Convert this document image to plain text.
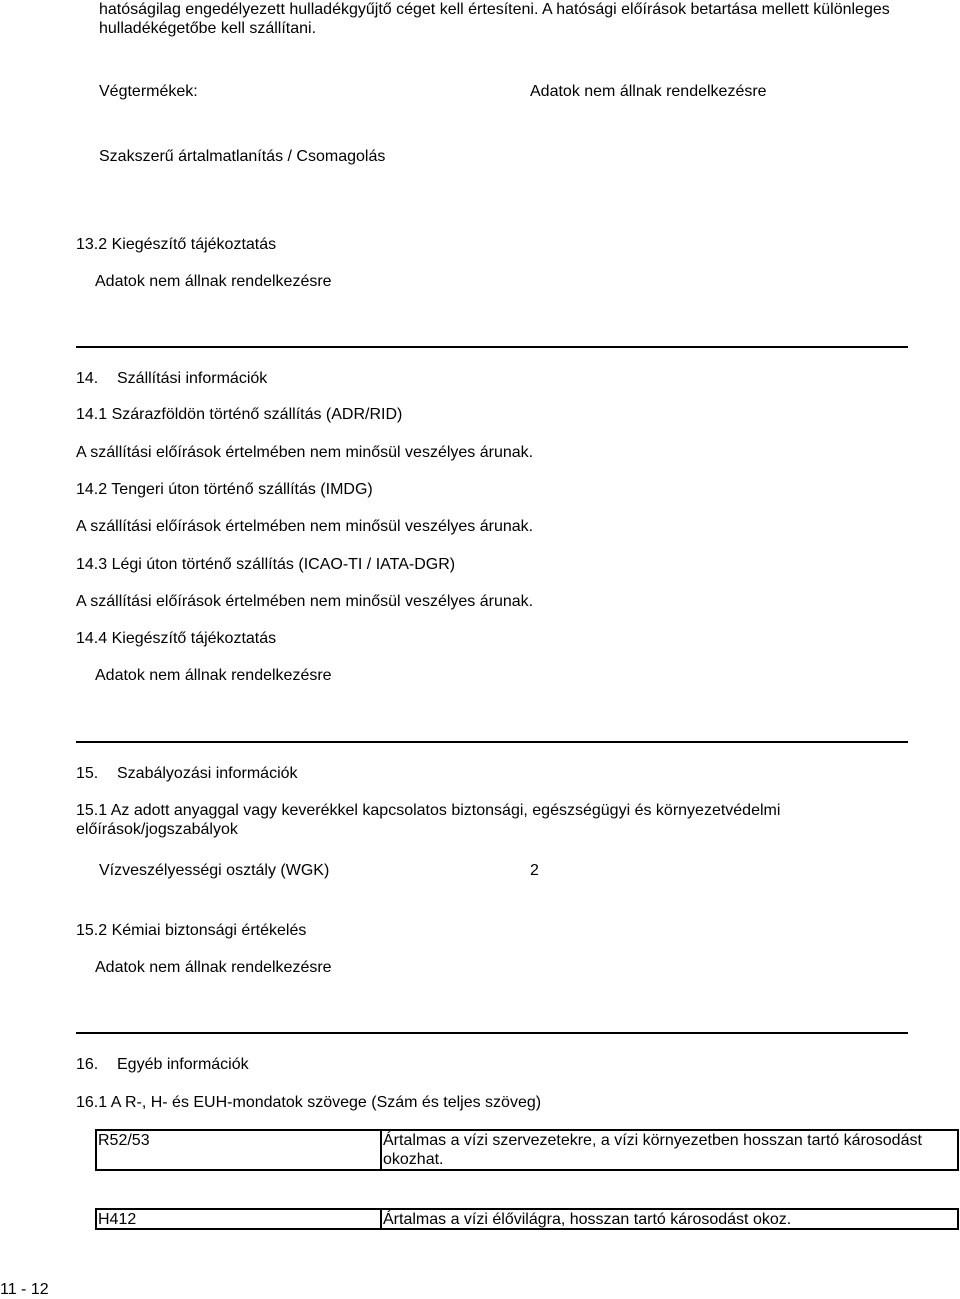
hatóságilag engedélyezett hulladékgyűjtő céget kell értesíteni. A hatósági előírások betartása mellett különleges
hulladékégetőbe kell szállítani.
Végtermékek:	Adatok nem állnak rendelkezésre
Szakszerű ártalmatlanítás / Csomagolás
13.2 Kiegészítő tájékoztatás
Adatok nem állnak rendelkezésre
14. Szállítási információk
14.1 Szárazföldön történő szállítás (ADR/RID)
A szállítási előírások értelmében nem minősül veszélyes árunak.
14.2 Tengeri úton történő szállítás (IMDG)
A szállítási előírások értelmében nem minősül veszélyes árunak.
14.3 Légi úton történő szállítás (ICAO-TI / IATA-DGR)
A szállítási előírások értelmében nem minősül veszélyes árunak.
14.4 Kiegészítő tájékoztatás
Adatok nem állnak rendelkezésre
15. Szabályozási információk
15.1 Az adott anyaggal vagy keverékkel kapcsolatos biztonsági, egészségügyi és környezetvédelmi
előírások/jogszabályok
Vízveszélyességi osztály (WGK)	2
15.2 Kémiai biztonsági értékelés
Adatok nem állnak rendelkezésre
16. Egyéb információk
16.1 A R-, H- és EUH-mondatok szövege (Szám és teljes szöveg)
R52/53	Ártalmas a vízi szervezetekre, a vízi környezetben hosszan tartó károsodást okozhat.
H412	Ártalmas a vízi élővilágra, hosszan tartó károsodást okoz.
11 - 12
